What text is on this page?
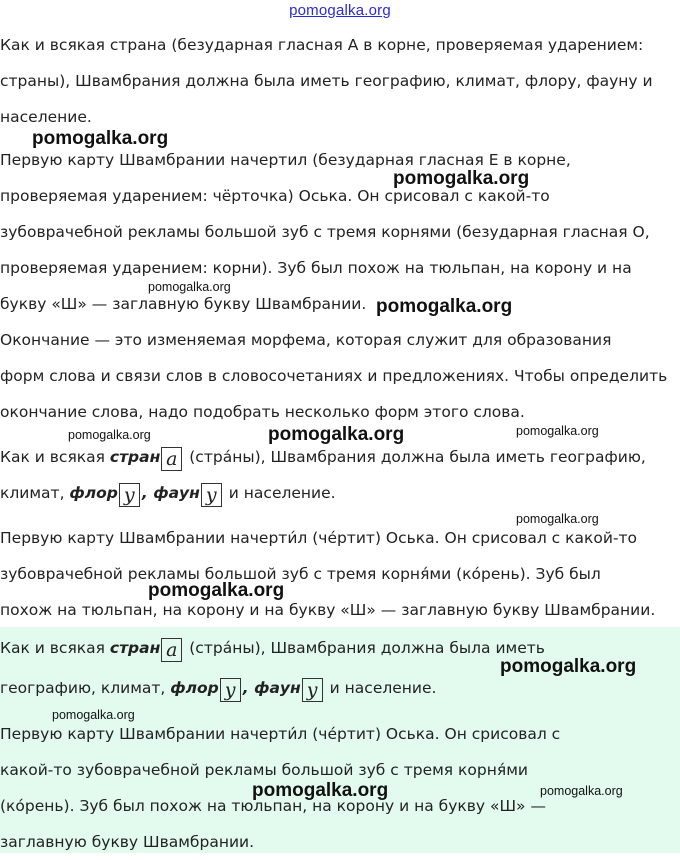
pomogalka.org
Как и всякая страна (безударная гласная А в корне, проверяемая ударением:
страны), Швамбрания должна была иметь географию, климат, флору, фауну и
население.
Первую карту Швамбрании начертил (безударная гласная Е в корне,
проверяемая ударением: чёрточка) Оська. Он срисовал с какой-то
зубоврачебной рекламы большой зуб с тремя корнями (безударная гласная О,
проверяемая ударением: корни). Зуб был похож на тюльпан, на корону и на
букву «Ш» — заглавную букву Швамбрании.
Окончание — это изменяемая морфема, которая служит для образования
форм слова и связи слов в словосочетаниях и предложениях. Чтобы определить
окончание слова, надо подобрать несколько форм этого слова.
Как и всякая стран а (стра́ны), Швамбрания должна была иметь географию,
климат, флор у , фаун у и население.
Первую карту Швамбрании начерти́л (че́ртит) Оська. Он срисовал с какой-то
зубоврачебной рекламы большой зуб с тремя корня́ми (ко́рень). Зуб был
похож на тюльпан, на корону и на букву «Ш» — заглавную букву Швамбрании.
Как и всякая стран а (стра́ны), Швамбрания должна была иметь
географию, климат, флор у , фаун у и население.
Первую карту Швамбрании начерти́л (че́ртит) Оська. Он срисовал с
какой-то зубоврачебной рекламы большой зуб с тремя корня́ми
(ко́рень). Зуб был похож на тюльпан, на корону и на букву «Ш» —
заглавную букву Швамбрании.
pomogalka.org
pomogalka.org
pomogalka.org
pomogalka.org
pomogalka.org	pomogalka.org	pomogalka.org
pomogalka.org
pomogalka.org
pomogalka.org
pomogalka.org
pomogalka.org	pomogalka.org
